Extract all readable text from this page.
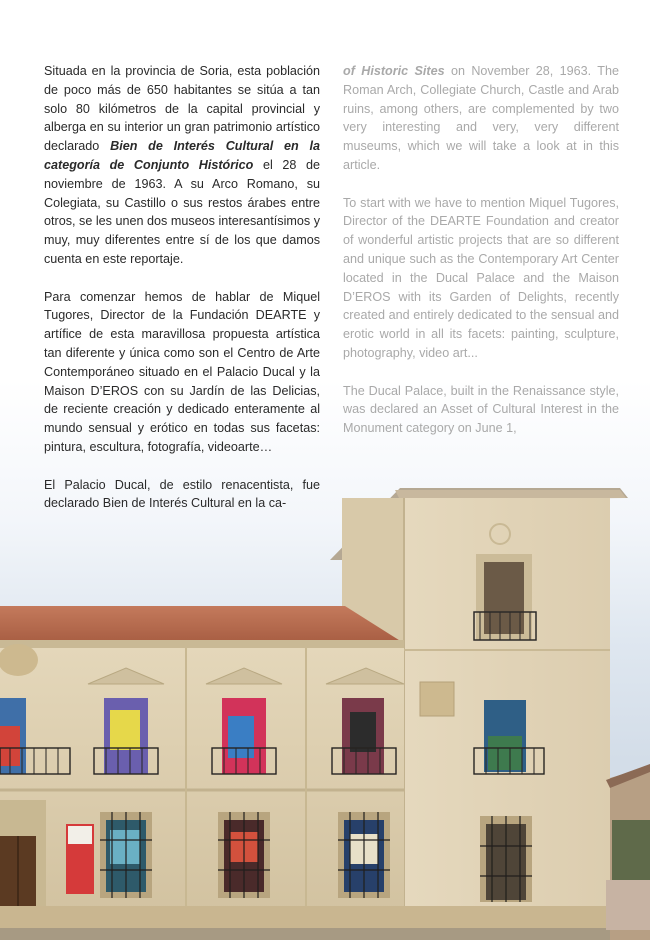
Situada en la provincia de Soria, esta población de poco más de 650 habitantes se sitúa a tan solo 80 kilómetros de la capital provincial y alberga en su interior un gran patrimonio artístico declarado Bien de Interés Cultural en la categoría de Conjunto Histórico el 28 de noviembre de 1963. A su Arco Romano, su Colegiata, su Castillo o sus restos árabes entre otros, se les unen dos museos interesantísimos y muy, muy diferentes entre sí de los que damos cuenta en este reportaje.

Para comenzar hemos de hablar de Miquel Tugores, Director de la Fundación DEARTE y artífice de esta maravillosa propuesta artística tan diferente y única como son el Centro de Arte Contemporáneo situado en el Palacio Ducal y la Maison D’EROS con su Jardín de las Delicias, de reciente creación y dedicado enteramente al mundo sensual y erótico en todas sus facetas: pintura, escultura, fotografía, videoarte…

El Palacio Ducal, de estilo renacentista, fue declarado Bien de Interés Cultural en la ca-

of Historic Sites on November 28, 1963. The Roman Arch, Collegiate Church, Castle and Arab ruins, among others, are complemented by two very interesting and very, very different museums, which we will take a look at in this article.

To start with we have to mention Miquel Tugores, Director of the DEARTE Foundation and creator of wonderful artistic projects that are so different and unique such as the Contemporary Art Center located in the Ducal Palace and the Maison D’EROS with its Garden of Delights, recently created and entirely dedicated to the sensual and erotic world in all its facets: painting, sculpture, photography, video art...

The Ducal Palace, built in the Renaissance style, was declared an Asset of Cultural Interest in the Monument category on June 1,
